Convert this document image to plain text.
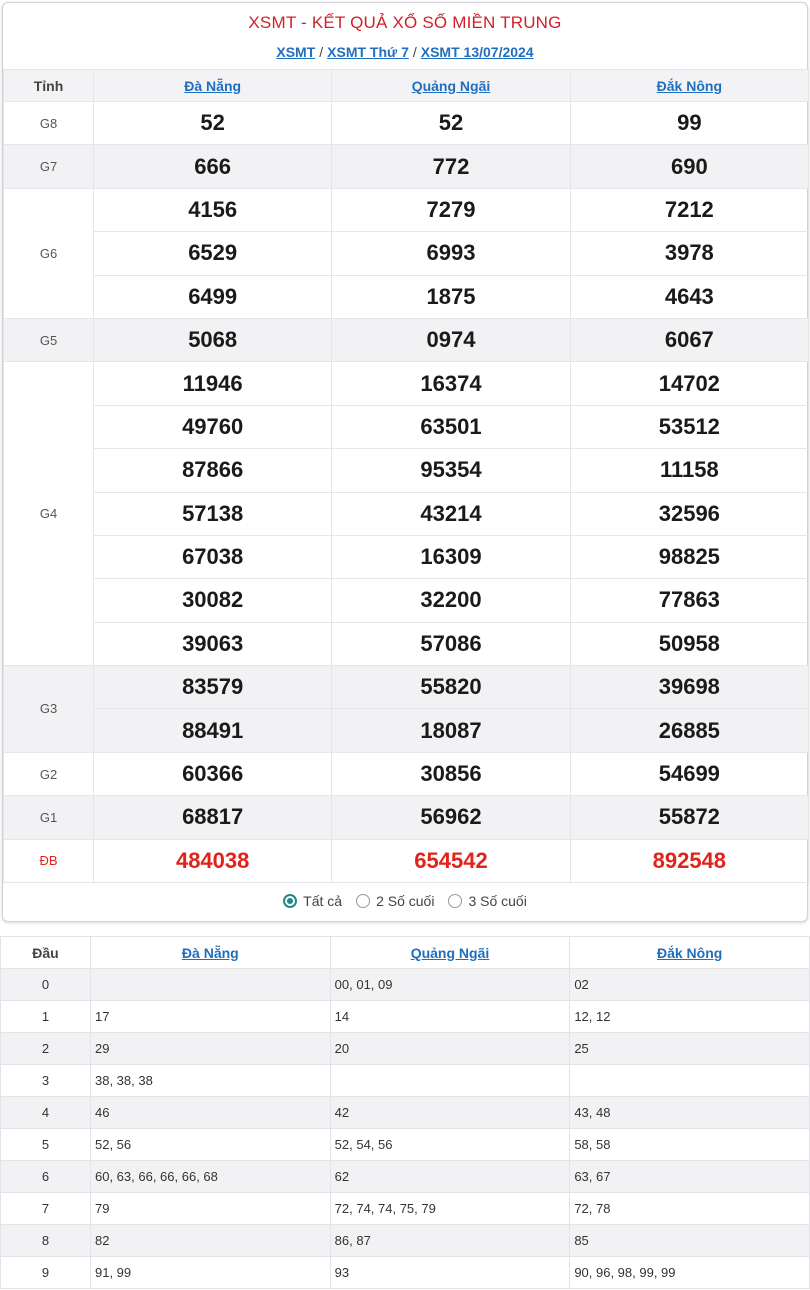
XSMT - KẾT QUẢ XỔ SỐ MIỀN TRUNG
XSMT / XSMT Thứ 7 / XSMT 13/07/2024
Tỉnh	Đà Nẵng	Quảng Ngãi	Đắk Nông
G8	52	52	99
G7	666	772	690
G6	4156	7279	7212
	6529	6993	3978
	6499	1875	4643
G5	5068	0974	6067
G4	11946	16374	14702
	49760	63501	53512
	87866	95354	11158
	57138	43214	32596
	67038	16309	98825
	30082	32200	77863
	39063	57086	50958
G3	83579	55820	39698
	88491	18087	26885
G2	60366	30856	54699
G1	68817	56962	55872
ĐB	484038	654542	892548
Tất cả 2 Số cuối 3 Số cuối
Đầu	Đà Nẵng	Quảng Ngãi	Đắk Nông
0		00, 01, 09	02
1	17	14	12, 12
2	29	20	25
3	38, 38, 38		
4	46	42	43, 48
5	52, 56	52, 54, 56	58, 58
6	60, 63, 66, 66, 66, 68	62	63, 67
7	79	72, 74, 74, 75, 79	72, 78
8	82	86, 87	85
9	91, 99	93	90, 96, 98, 99, 99
